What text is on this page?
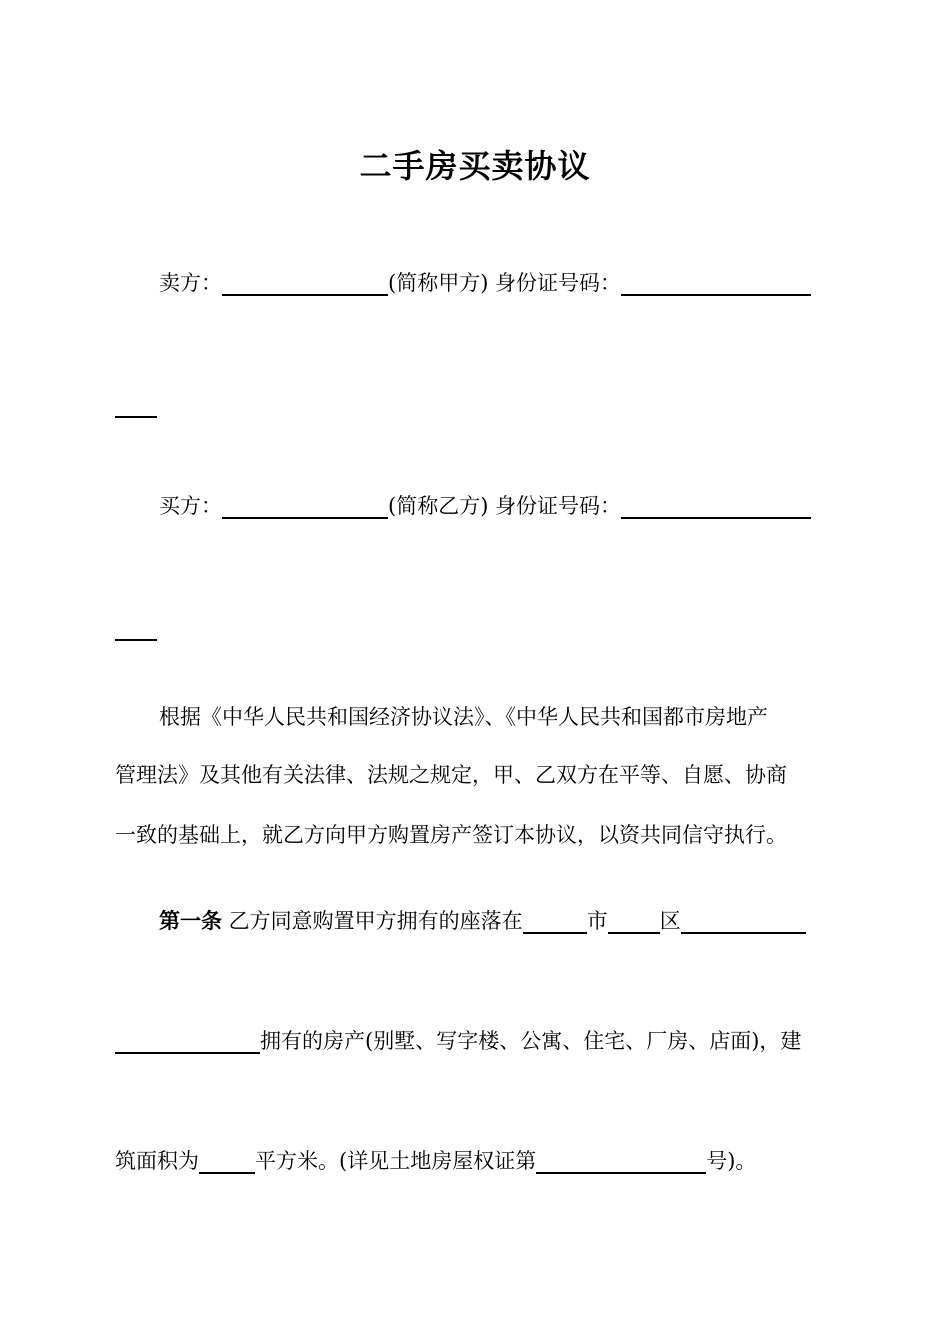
二手房买卖协议
卖方：	(简称甲方) 身份证号码：
买方：	(简称乙方) 身份证号码：
根据《中华人民共和国经济协议法》、《中华人民共和国都市房地产
管理法》及其他有关法律、法规之规定，甲、乙双方在平等、自愿、协商
一致的基础上，就乙方向甲方购置房产签订本协议，以资共同信守执行。
第一条 乙方同意购置甲方拥有的座落在	市 区
拥有的房产(别墅、写字楼、公寓、住宅、厂房、店面)，建
筑面积为	平方米。(详见土地房屋权证第	号)。
